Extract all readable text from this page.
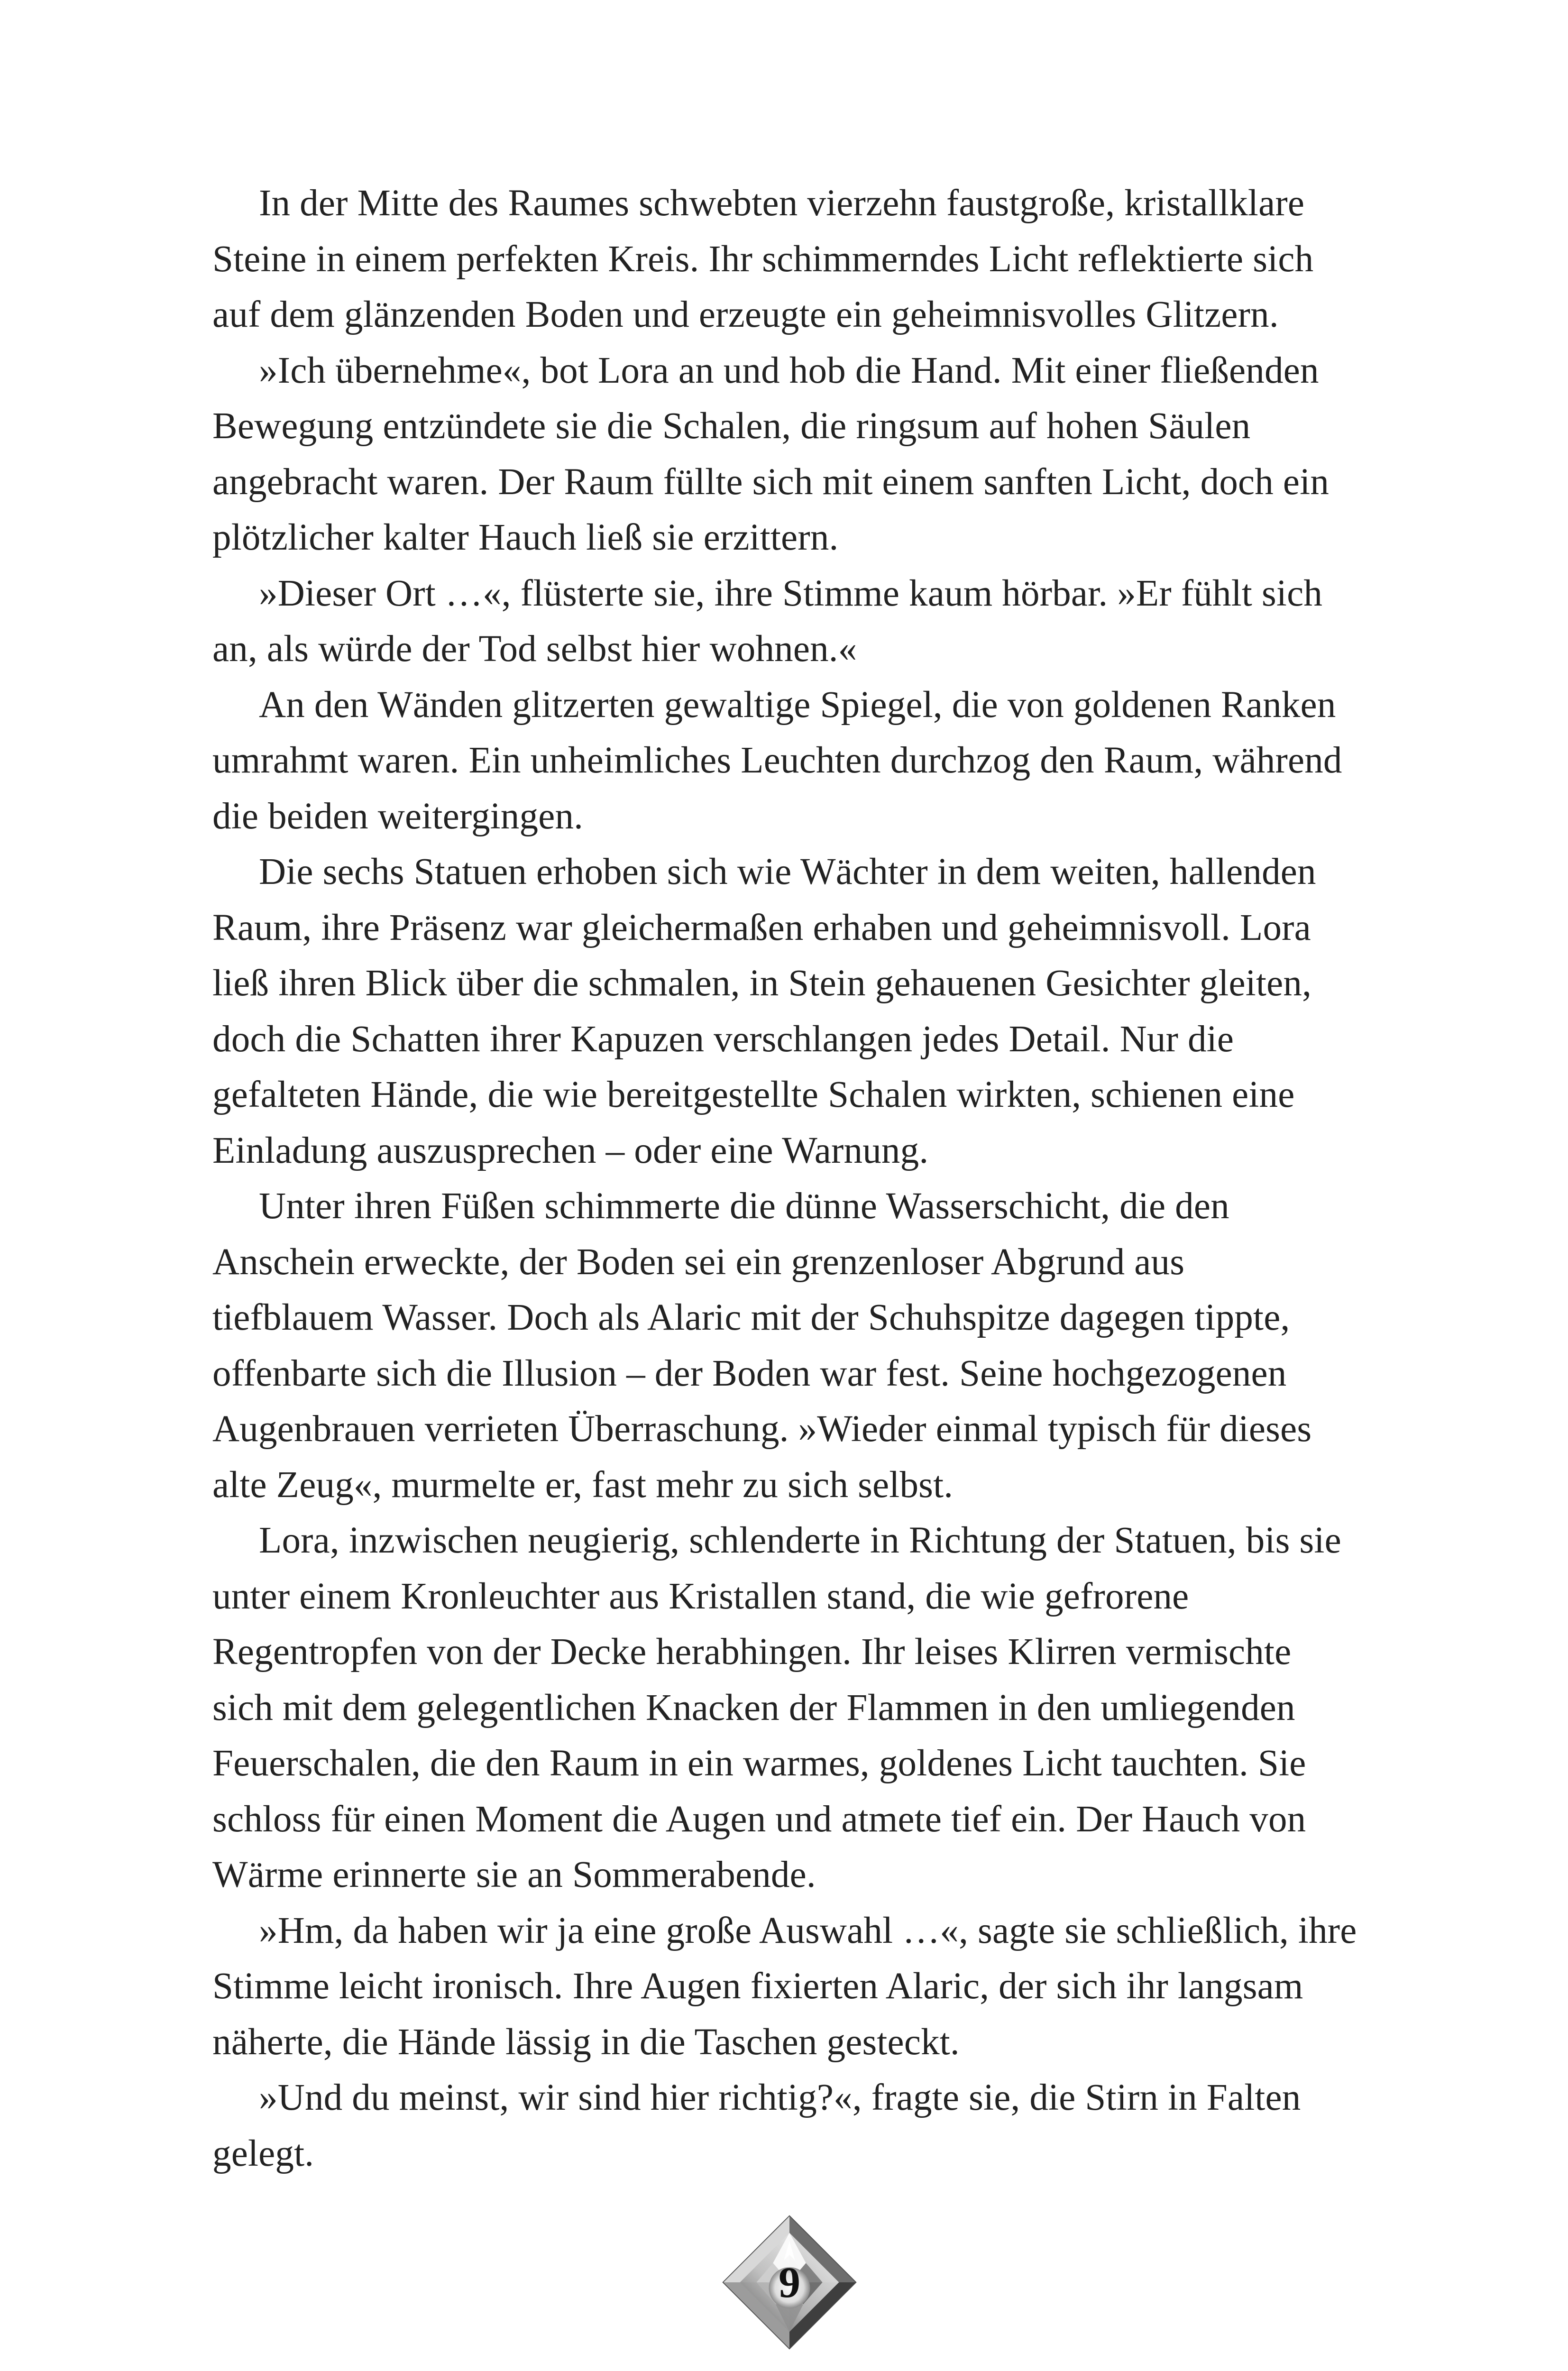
In der Mitte des Raumes schwebten vierzehn faustgroße, kristallklare
Steine in einem perfekten Kreis. Ihr schimmerndes Licht reflektierte sich
auf dem glänzenden Boden und erzeugte ein geheimnisvolles Glitzern.
»Ich übernehme«, bot Lora an und hob die Hand. Mit einer fließenden
Bewegung entzündete sie die Schalen, die ringsum auf hohen Säulen
angebracht waren. Der Raum füllte sich mit einem sanften Licht, doch ein
plötzlicher kalter Hauch ließ sie erzittern.
»Dieser Ort …«, flüsterte sie, ihre Stimme kaum hörbar. »Er fühlt sich
an, als würde der Tod selbst hier wohnen.«
An den Wänden glitzerten gewaltige Spiegel, die von goldenen Ranken
umrahmt waren. Ein unheimliches Leuchten durchzog den Raum, während
die beiden weitergingen.
Die sechs Statuen erhoben sich wie Wächter in dem weiten, hallenden
Raum, ihre Präsenz war gleichermaßen erhaben und geheimnisvoll. Lora
ließ ihren Blick über die schmalen, in Stein gehauenen Gesichter gleiten,
doch die Schatten ihrer Kapuzen verschlangen jedes Detail. Nur die
gefalteten Hände, die wie bereitgestellte Schalen wirkten, schienen eine
Einladung auszusprechen – oder eine Warnung.
Unter ihren Füßen schimmerte die dünne Wasserschicht, die den
Anschein erweckte, der Boden sei ein grenzenloser Abgrund aus
tiefblauem Wasser. Doch als Alaric mit der Schuhspitze dagegen tippte,
offenbarte sich die Illusion – der Boden war fest. Seine hochgezogenen
Augenbrauen verrieten Überraschung. »Wieder einmal typisch für dieses
alte Zeug«, murmelte er, fast mehr zu sich selbst.
Lora, inzwischen neugierig, schlenderte in Richtung der Statuen, bis sie
unter einem Kronleuchter aus Kristallen stand, die wie gefrorene
Regentropfen von der Decke herabhingen. Ihr leises Klirren vermischte
sich mit dem gelegentlichen Knacken der Flammen in den umliegenden
Feuerschalen, die den Raum in ein warmes, goldenes Licht tauchten. Sie
schloss für einen Moment die Augen und atmete tief ein. Der Hauch von
Wärme erinnerte sie an Sommerabende.
»Hm, da haben wir ja eine große Auswahl …«, sagte sie schließlich, ihre
Stimme leicht ironisch. Ihre Augen fixierten Alaric, der sich ihr langsam
näherte, die Hände lässig in die Taschen gesteckt.
»Und du meinst, wir sind hier richtig?«, fragte sie, die Stirn in Falten
gelegt.
9
